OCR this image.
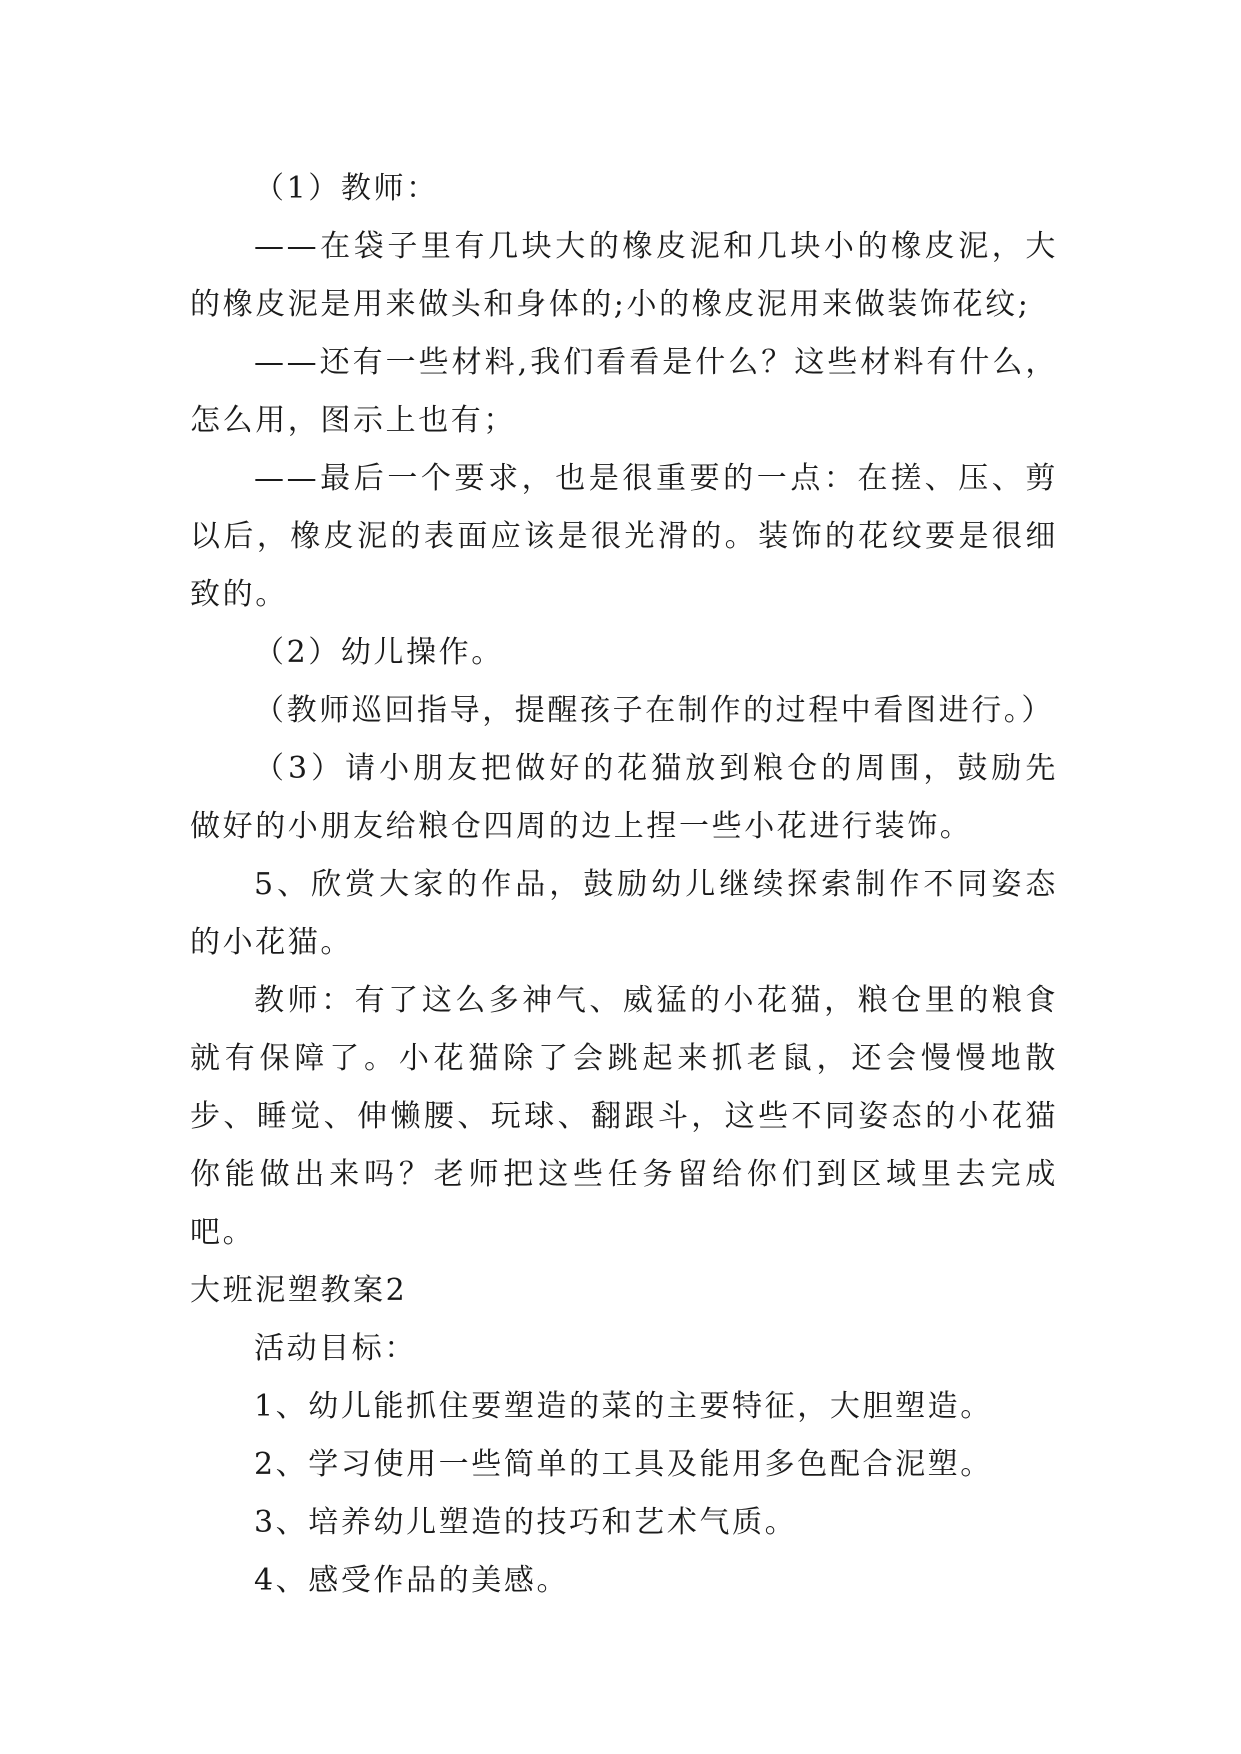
（1）教师：

——在袋子里有几块大的橡皮泥和几块小的橡皮泥，大的橡皮泥是用来做头和身体的;小的橡皮泥用来做装饰花纹;

——还有一些材料,我们看看是什么？这些材料有什么，怎么用，图示上也有；

——最后一个要求，也是很重要的一点：在搓、压、剪以后，橡皮泥的表面应该是很光滑的。装饰的花纹要是很细致的。

（2）幼儿操作。

（教师巡回指导，提醒孩子在制作的过程中看图进行。）

（3）请小朋友把做好的花猫放到粮仓的周围，鼓励先做好的小朋友给粮仓四周的边上捏一些小花进行装饰。

5、欣赏大家的作品，鼓励幼儿继续探索制作不同姿态的小花猫。

教师：有了这么多神气、威猛的小花猫，粮仓里的粮食就有保障了。小花猫除了会跳起来抓老鼠，还会慢慢地散步、睡觉、伸懒腰、玩球、翻跟斗，这些不同姿态的小花猫你能做出来吗？老师把这些任务留给你们到区域里去完成吧。

大班泥塑教案2

活动目标：

1、幼儿能抓住要塑造的菜的主要特征，大胆塑造。

2、学习使用一些简单的工具及能用多色配合泥塑。

3、培养幼儿塑造的技巧和艺术气质。

4、感受作品的美感。
